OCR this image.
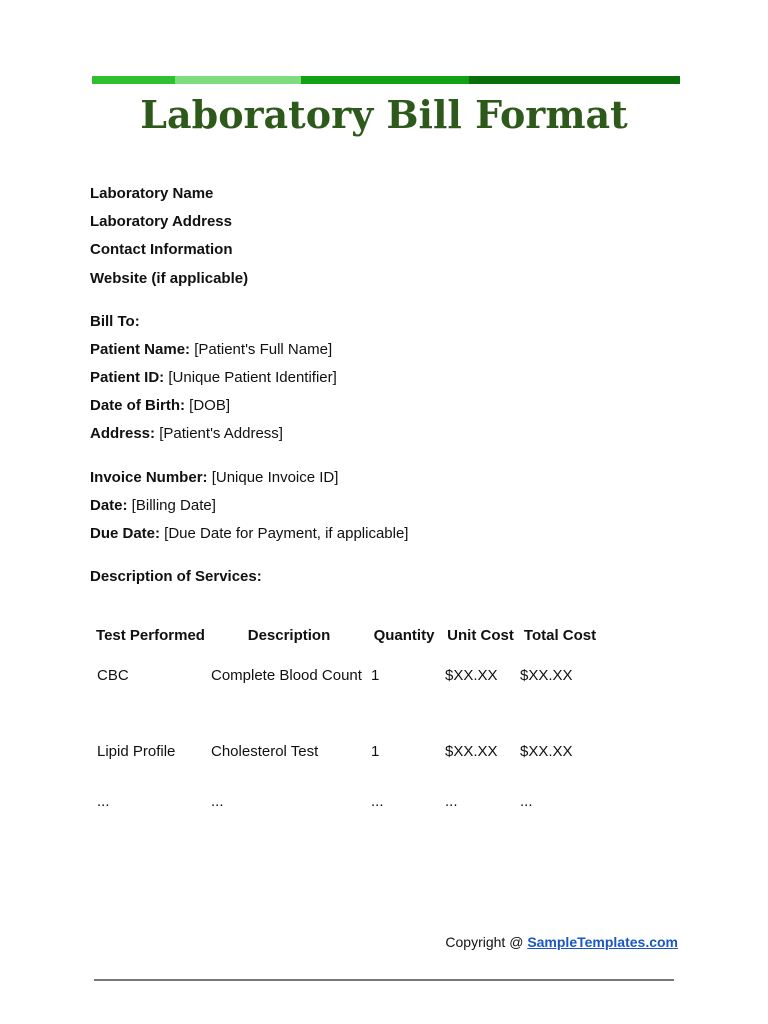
Laboratory Bill Format
Laboratory Name
Laboratory Address
Contact Information
Website (if applicable)
Bill To:
Patient Name: [Patient's Full Name]
Patient ID: [Unique Patient Identifier]
Date of Birth: [DOB]
Address: [Patient's Address]
Invoice Number: [Unique Invoice ID]
Date: [Billing Date]
Due Date: [Due Date for Payment, if applicable]
Description of Services:
Test Performed	Description	Quantity	Unit Cost	Total Cost
CBC	Complete Blood Count	1	$XX.XX	$XX.XX
Lipid Profile	Cholesterol Test	1	$XX.XX	$XX.XX
...	...	...	...	...
Copyright @ SampleTemplates.com
